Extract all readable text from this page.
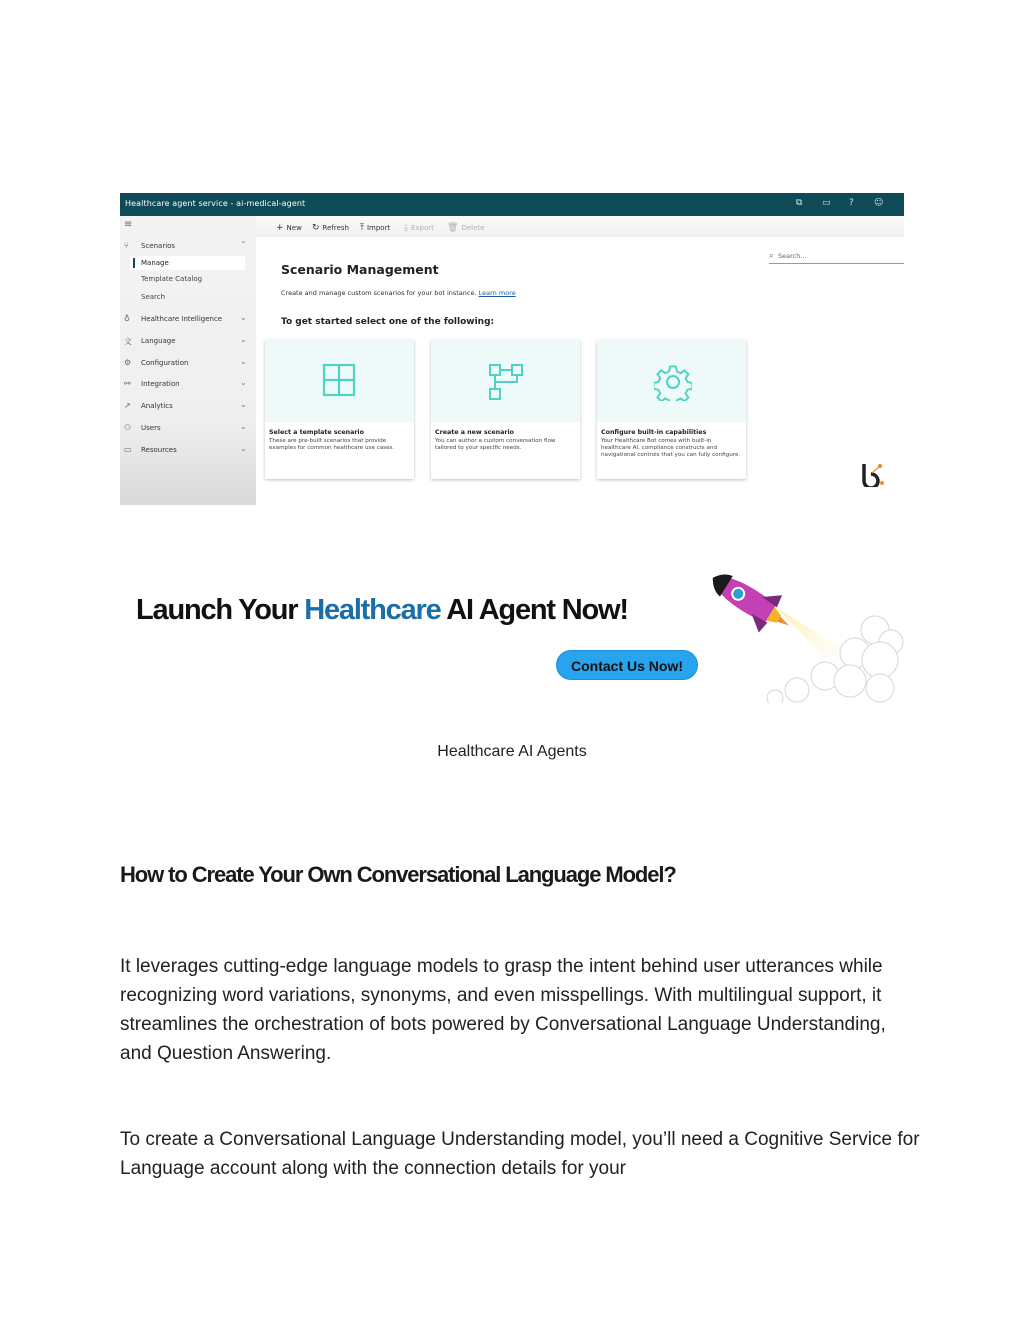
Healthcare agent service - ai-medical-agent	⧉ ▭ ? ☺
≡
⑂ Scenarios	⌃
Manage
Template Catalog
Search
♁ Healthcare Intelligence ⌄
文 Language	⌄
⚙ Configuration	⌄
⚯ Integration	⌄
↗ Analytics	⌄
⚇ Users	⌄
▭ Resources	⌄
+ New ↻ Refresh ⤒ Import ⤓ Export 🗑 Delete
⌕ Search...
Scenario Management
Create and manage custom scenarios for your bot instance. Learn more
To get started select one of the following:
Select a template scenario
These are pre-built scenarios that provide examples for common healthcare use cases.
Create a new scenario
You can author a custom conversation flow tailored to your specific needs.
Configure built-in capabilities
Your Healthcare Bot comes with built-in healthcare AI, compliance constructs and navigational controls that you can fully configure.
Launch Your Healthcare AI Agent Now!
Contact Us Now!
Healthcare AI Agents
How to Create Your Own Conversational Language Model?

It leverages cutting-edge language models to grasp the intent behind user utterances while recognizing word variations, synonyms, and even misspellings. With multilingual support, it streamlines the orchestration of bots powered by Conversational Language Understanding, and Question Answering.

To create a Conversational Language Understanding model, you’ll need a Cognitive Service for Language account along with the connection details for your
